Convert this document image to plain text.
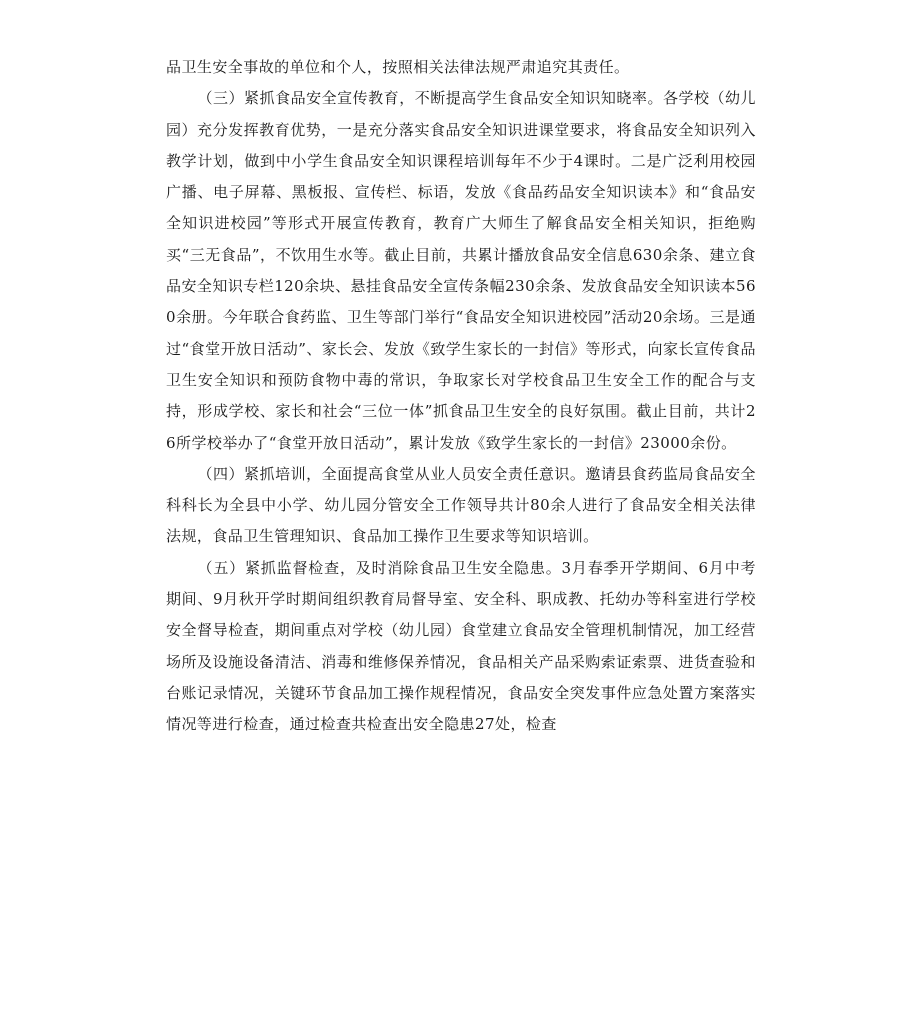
品卫生安全事故的单位和个人，按照相关法律法规严肃追究其责任。

（三）紧抓食品安全宣传教育，不断提高学生食品安全知识知晓率。各学校（幼儿园）充分发挥教育优势，一是充分落实食品安全知识进课堂要求，将食品安全知识列入教学计划，做到中小学生食品安全知识课程培训每年不少于4课时。二是广泛利用校园广播、电子屏幕、黑板报、宣传栏、标语，发放《食品药品安全知识读本》和“食品安全知识进校园”等形式开展宣传教育，教育广大师生了解食品安全相关知识，拒绝购买“三无食品”，不饮用生水等。截止目前，共累计播放食品安全信息630余条、建立食品安全知识专栏120余块、悬挂食品安全宣传条幅230余条、发放食品安全知识读本560余册。今年联合食药监、卫生等部门举行“食品安全知识进校园”活动20余场。三是通过“食堂开放日活动”、家长会、发放《致学生家长的一封信》等形式，向家长宣传食品卫生安全知识和预防食物中毒的常识，争取家长对学校食品卫生安全工作的配合与支持，形成学校、家长和社会“三位一体”抓食品卫生安全的良好氛围。截止目前，共计26所学校举办了“食堂开放日活动”，累计发放《致学生家长的一封信》23000余份。

（四）紧抓培训，全面提高食堂从业人员安全责任意识。邀请县食药监局食品安全科科长为全县中小学、幼儿园分管安全工作领导共计80余人进行了食品安全相关法律法规，食品卫生管理知识、食品加工操作卫生要求等知识培训。

（五）紧抓监督检查，及时消除食品卫生安全隐患。3月春季开学期间、6月中考期间、9月秋开学时期间组织教育局督导室、安全科、职成教、托幼办等科室进行学校安全督导检查，期间重点对学校（幼儿园）食堂建立食品安全管理机制情况，加工经营场所及设施设备清洁、消毒和维修保养情况，食品相关产品采购索证索票、进货查验和台账记录情况，关键环节食品加工操作规程情况，食品安全突发事件应急处置方案落实情况等进行检查，通过检查共检查出安全隐患27处，检查
